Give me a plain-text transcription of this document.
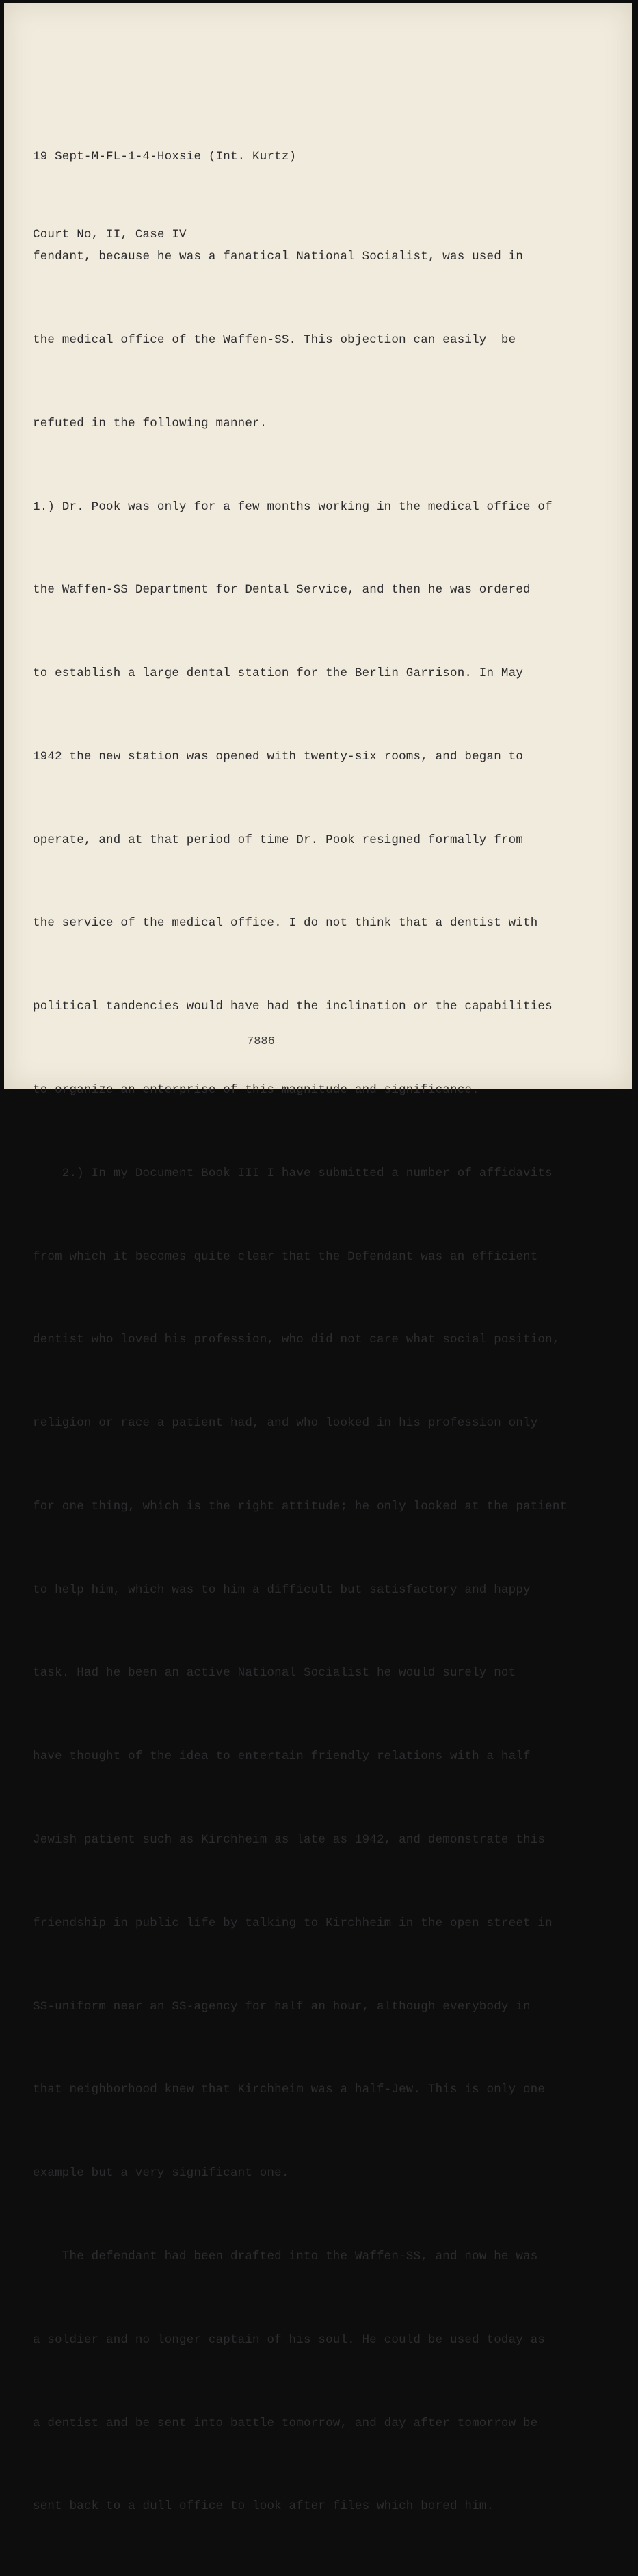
19 Sept-M-FL-1-4-Hoxsie (Int. Kurtz)

Court No, II, Case IV

fendant, because he was a fanatical National Socialist, was used in

the medical office of the Waffen-SS. This objection can easily  be

refuted in the following manner.

1.) Dr. Pook was only for a few months working in the medical office of

the Waffen-SS Department for Dental Service, and then he was ordered

to establish a large dental station for the Berlin Garrison. In May

1942 the new station was opened with twenty-six rooms, and began to

operate, and at that period of time Dr. Pook resigned formally from

the service of the medical office. I do not think that a dentist with

political tandencies would have had the inclination or the capabilities

to organize an enterprise of this magnitude and significance.

2.) In my Document Book III I have submitted a number of affidavits

from which it becomes quite clear that the Defendant was an efficient

dentist who loved his profession, who did not care what social position,

religion or race a patient had, and who looked in his profession only

for one thing, which is the right attitude; he only looked at the patient

to help him, which was to him a difficult but satisfactory and happy

task. Had he been an active National Socialist he would surely not

have thought of the idea to entertain friendly relations with a half

Jewish patient such as Kirchheim as late as 1942, and demonstrate this

friendship in public life by talking to Kirchheim in the open street in

SS-uniform near an SS-agency for half an hour, although everybody in

that neighborhood knew that Kirchheim was a half-Jew. This is only one

example but a very significant one.

The defendant had been drafted into the Waffen-SS, and now he was

a soldier and no longer captain of his soul. He could be used today as

a dentist and be sent into battle tomorrow, and day after tomorrow be

sent back to a dull office to look after files which bored him.

7886
